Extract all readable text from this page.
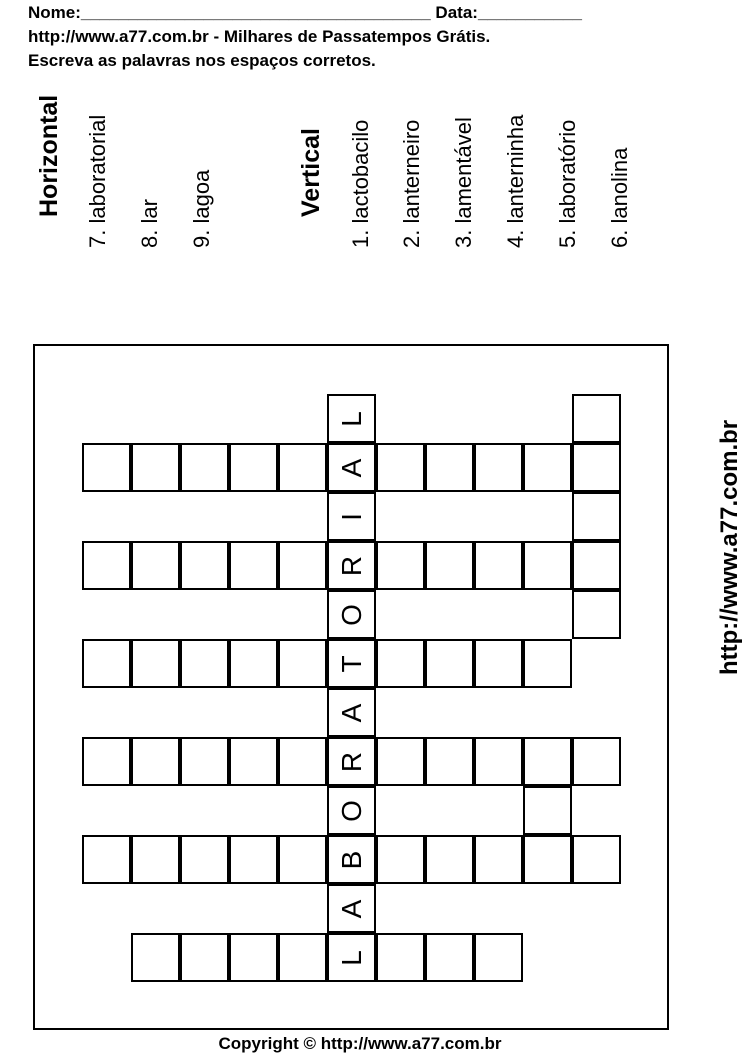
Nome:_____________________________________ Data:___________
http://www.a77.com.br - Milhares de Passatempos Grátis.
Escreva as palavras nos espaços corretos.
Horizontal 7. laboratorial 8. lar 9. lagoa	Vertical 1. lactobacilo 2. lanterneiro 3. lamentável 4. lanterninha 5. laboratório 6. lanolina
A
R
R
B
T
L
L
I
O
A
O
A
http://www.a77.com.br
Copyright © http://www.a77.com.br
